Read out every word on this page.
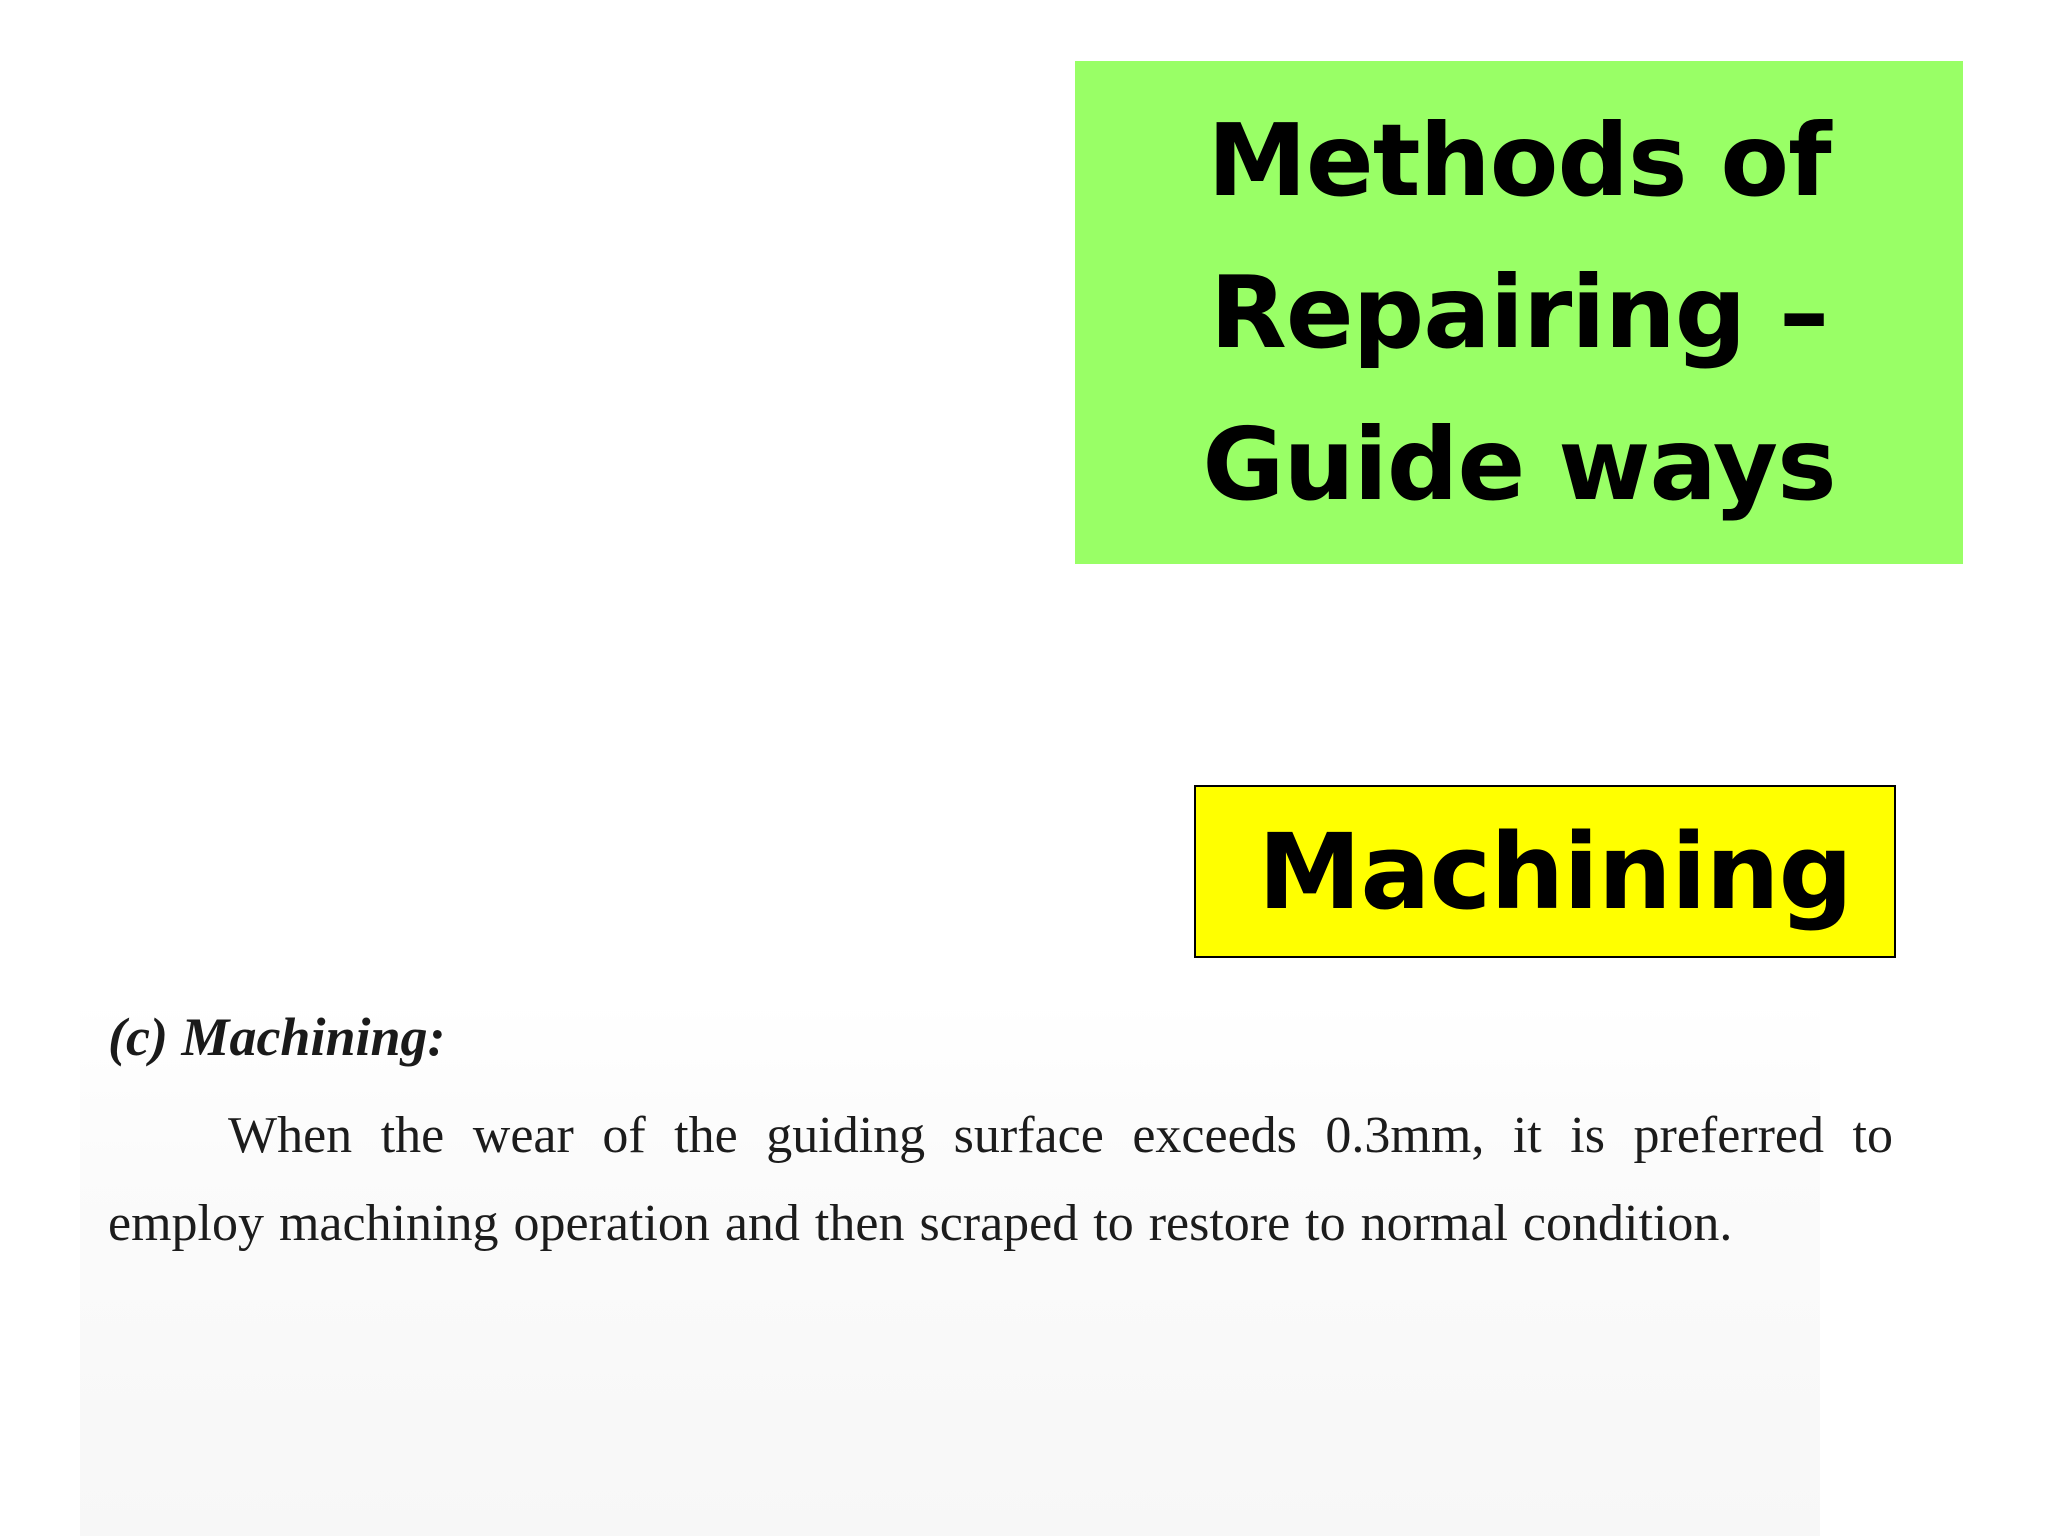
Methods of
Repairing –
Guide ways
Machining
(c) Machining:
When the wear of the guiding surface exceeds 0.3mm, it is preferred to employ machining operation and then scraped to restore to normal condition.
